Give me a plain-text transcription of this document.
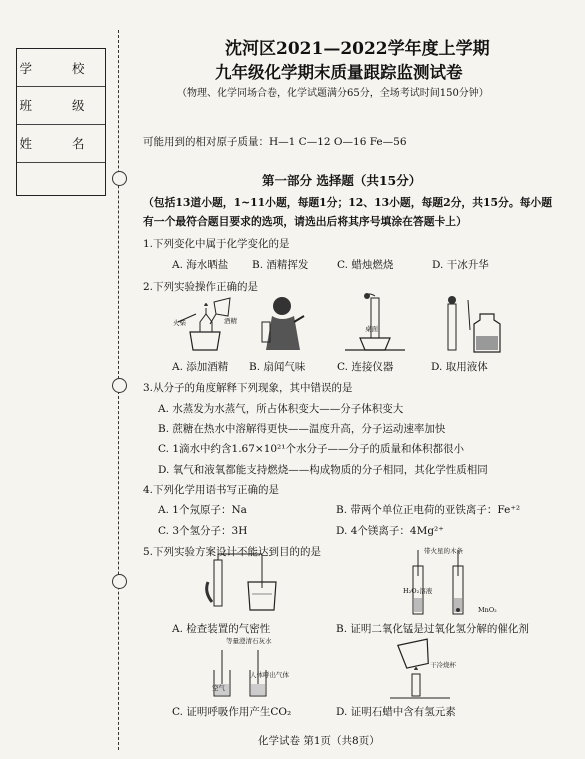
学 校
班 级
姓 名
沈河区2021—2022学年度上学期
九年级化学期末质量跟踪监测试卷
（物理、化学同场合卷，化学试题满分65分，全场考试时间150分钟）
可能用到的相对原子质量：H—1 C—12 O—16 Fe—56
第一部分 选择题（共15分）
（包括13道小题，1~11小题，每题1分；12、13小题，每题2分，共15分。每小题
有一个最符合题目要求的选项，请选出后将其序号填涂在答题卡上）
1.下列变化中属于化学变化的是
A. 海水晒盐 B. 酒精挥发	C. 蜡烛燃烧	D. 干冰升华
2.下列实验操作正确的是
火柴	酒精
桌面
A. 添加酒精 B. 扇闻气味	C. 连接仪器	D. 取用液体
3.从分子的角度解释下列现象，其中错误的是
A. 水蒸发为水蒸气，所占体积变大——分子体积变大
B. 蔗糖在热水中溶解得更快——温度升高，分子运动速率加快
C. 1滴水中约含1.67×10²¹个水分子——分子的质量和体积都很小
D. 氧气和液氧都能支持燃烧——构成物质的分子相同，其化学性质相同
4.下列化学用语书写正确的是
A. 1个氖原子：Na	B. 带两个单位正电荷的亚铁离子：Fe⁺²
C. 3个氢分子：3H	D. 4个镁离子：4Mg²⁺
5.下列实验方案设计不能达到目的的是	带火星的木条
H₂O₂溶液
MnO₂
A. 检查装置的气密性	B. 证明二氧化锰是过氧化氢分解的催化剂
等量澄清石灰水
空气
人体呼出气体
干冷烧杯
C. 证明呼吸作用产生CO₂	D. 证明石蜡中含有氢元素
化学试卷 第1页（共8页）
